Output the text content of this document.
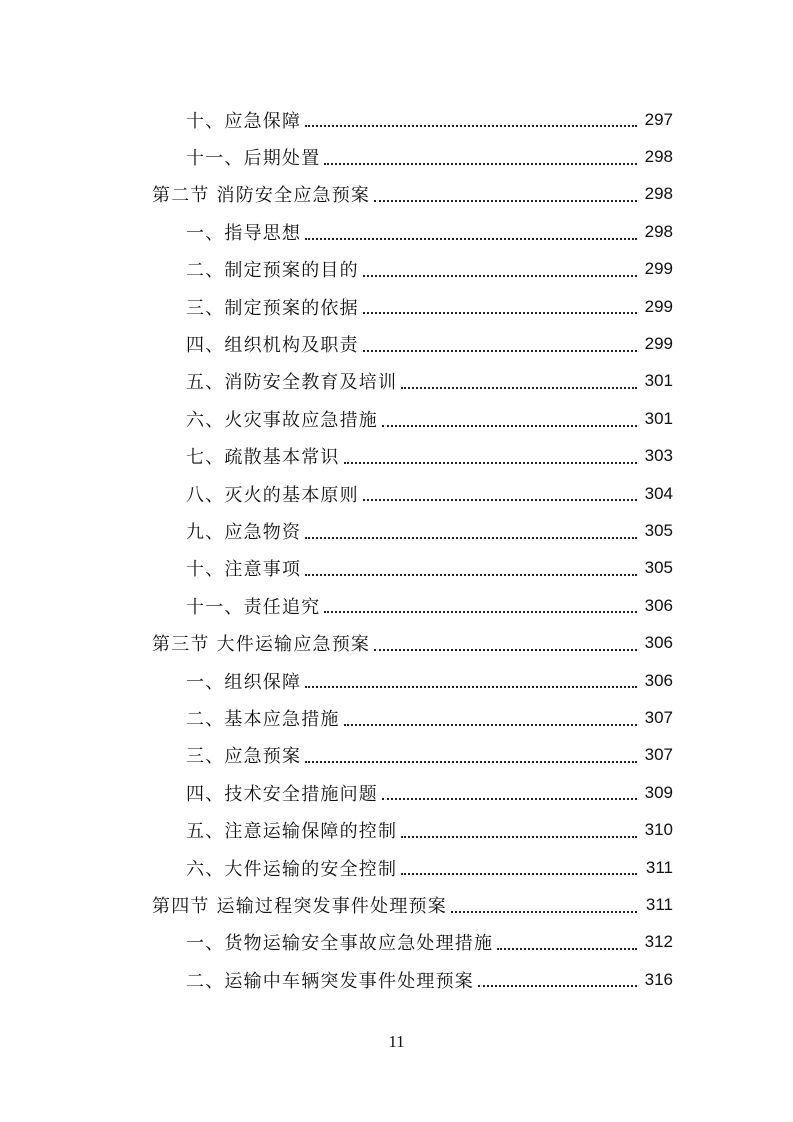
十、应急保障	297
十一、后期处置	298
第二节 消防安全应急预案	298
一、指导思想	298
二、制定预案的目的	299
三、制定预案的依据	299
四、组织机构及职责	299
五、消防安全教育及培训	301
六、火灾事故应急措施	301
七、疏散基本常识	303
八、灭火的基本原则	304
九、应急物资	305
十、注意事项	305
十一、责任追究	306
第三节 大件运输应急预案	306
一、组织保障	306
二、基本应急措施	307
三、应急预案	307
四、技术安全措施问题	309
五、注意运输保障的控制	310
六、大件运输的安全控制	311
第四节 运输过程突发事件处理预案	311
一、货物运输安全事故应急处理措施	312
二、运输中车辆突发事件处理预案	316
11
